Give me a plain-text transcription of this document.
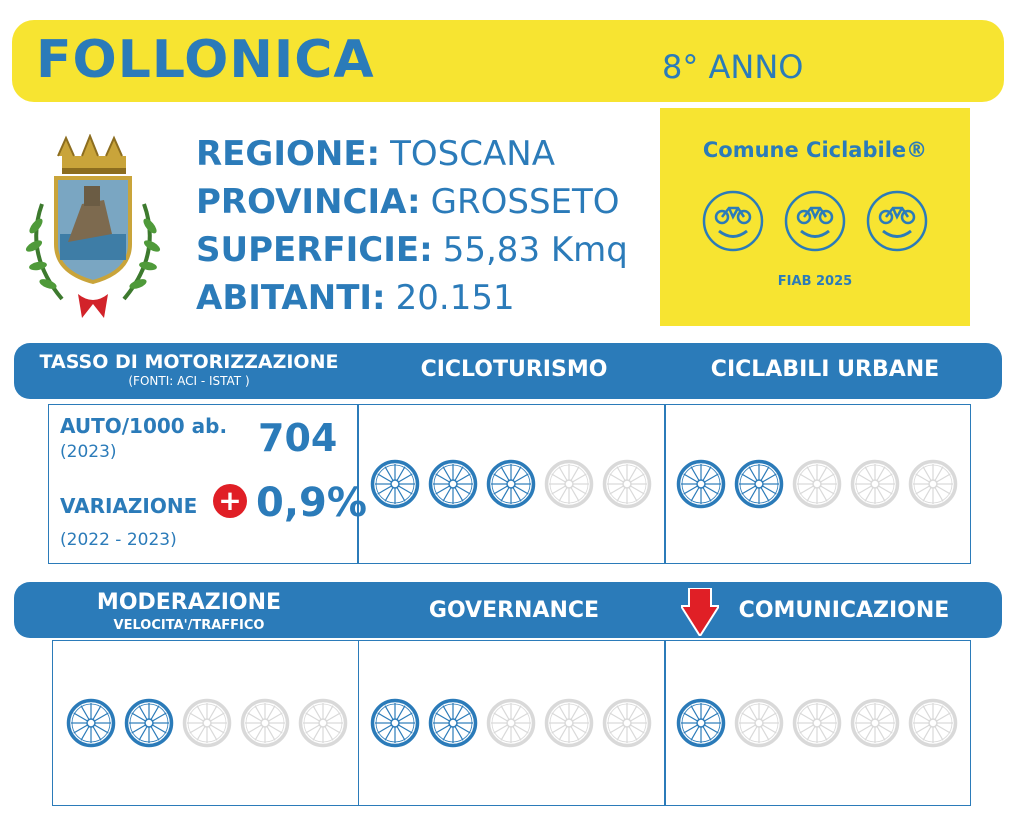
FOLLONICA	8° ANNO
REGIONE: TOSCANA
PROVINCIA: GROSSETO
SUPERFICIE: 55,83 Kmq
ABITANTI: 20.151
Comune Ciclabile®
FIAB 2025
TASSO DI MOTORIZZAZIONE
(FONTI: ACI - ISTAT )	CICLOTURISMO	CICLABILI URBANE
AUTO/1000 ab.
(2023)	704
VARIAZIONE + 0,9%
(2022 - 2023)
MODERAZIONE
VELOCITA'/TRAFFICO
GOVERNANCE	COMUNICAZIONE
